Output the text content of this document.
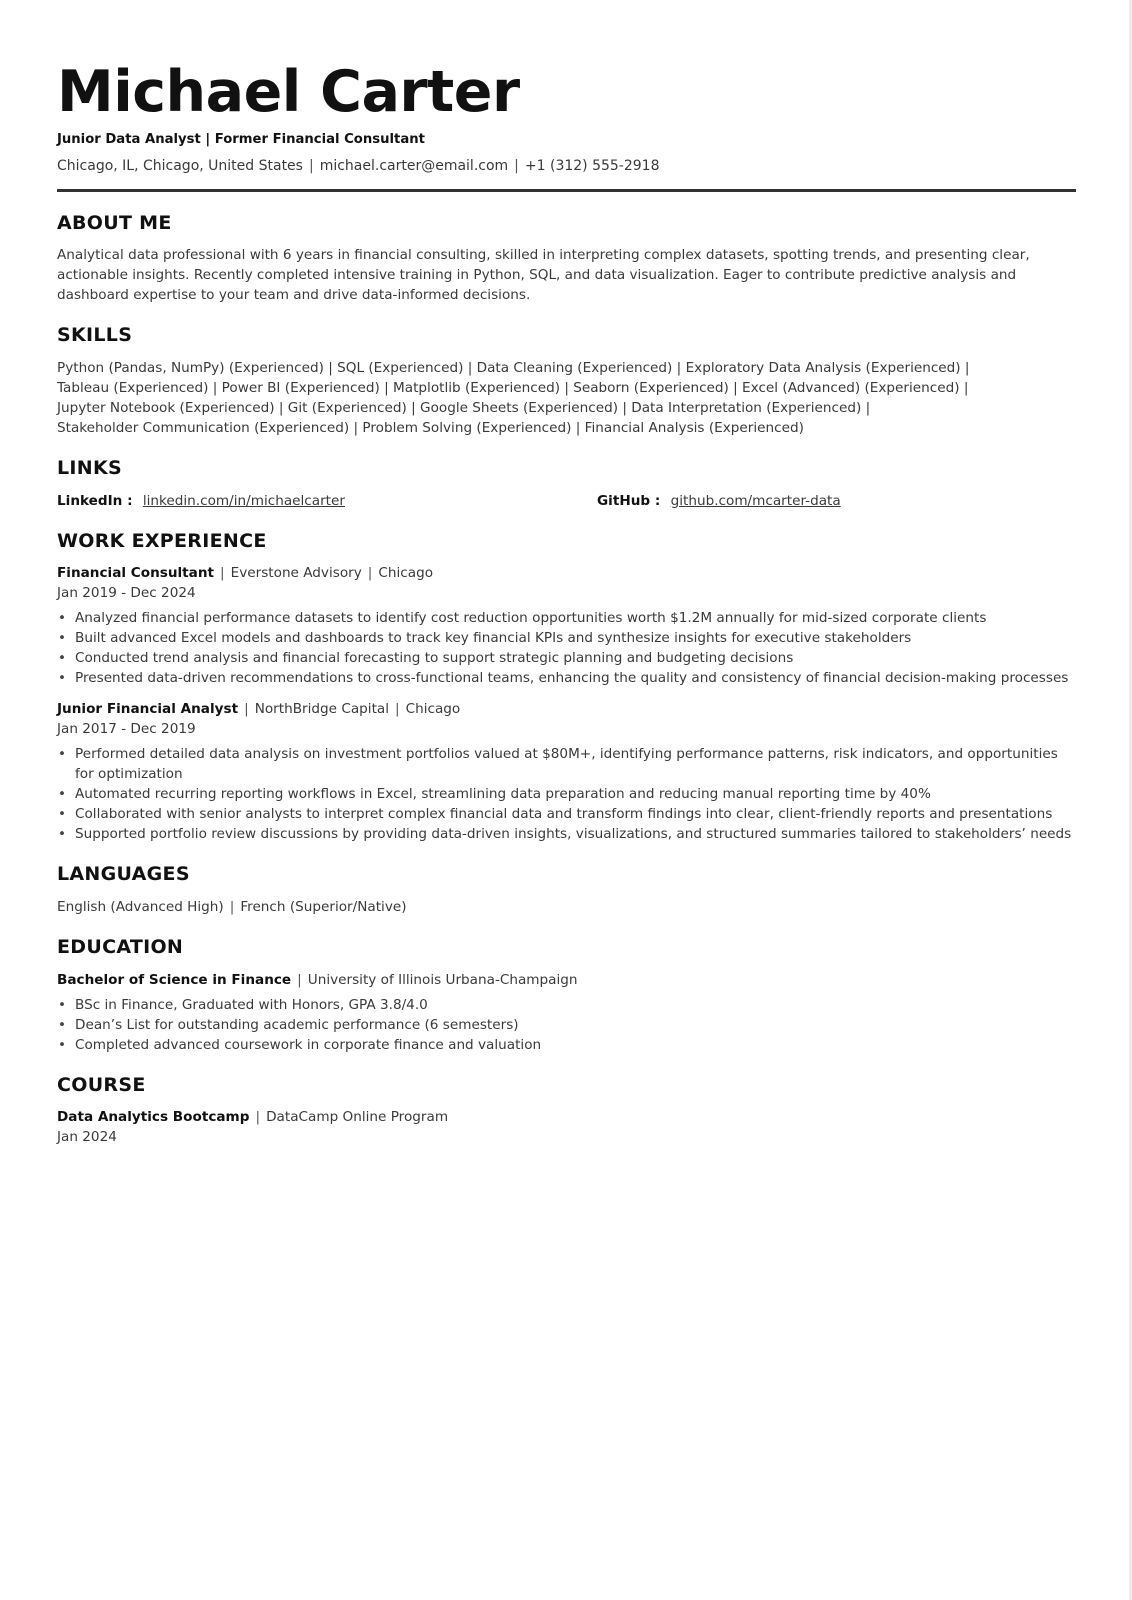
Michael Carter
Junior Data Analyst | Former Financial Consultant
Chicago, IL, Chicago, United States | michael.carter@email.com | +1 (312) 555-2918
ABOUT ME
Analytical data professional with 6 years in financial consulting, skilled in interpreting complex datasets, spotting trends, and presenting clear, actionable insights. Recently completed intensive training in Python, SQL, and data visualization. Eager to contribute predictive analysis and dashboard expertise to your team and drive data-informed decisions.
SKILLS
Python (Pandas, NumPy) (Experienced) | SQL (Experienced) | Data Cleaning (Experienced) | Exploratory Data Analysis (Experienced) |
Tableau (Experienced) | Power BI (Experienced) | Matplotlib (Experienced) | Seaborn (Experienced) | Excel (Advanced) (Experienced) |
Jupyter Notebook (Experienced) | Git (Experienced) | Google Sheets (Experienced) | Data Interpretation (Experienced) |
Stakeholder Communication (Experienced) | Problem Solving (Experienced) | Financial Analysis (Experienced)
LINKS
LinkedIn : linkedin.com/in/michaelcarter	GitHub : github.com/mcarter-data
WORK EXPERIENCE
Financial Consultant | Everstone Advisory | Chicago
Jan 2019 - Dec 2024
• Analyzed financial performance datasets to identify cost reduction opportunities worth $1.2M annually for mid-sized corporate clients
• Built advanced Excel models and dashboards to track key financial KPIs and synthesize insights for executive stakeholders
• Conducted trend analysis and financial forecasting to support strategic planning and budgeting decisions
• Presented data-driven recommendations to cross-functional teams, enhancing the quality and consistency of financial decision-making processes
Junior Financial Analyst | NorthBridge Capital | Chicago
Jan 2017 - Dec 2019
• Performed detailed data analysis on investment portfolios valued at $80M+, identifying performance patterns, risk indicators, and opportunities for optimization
• Automated recurring reporting workflows in Excel, streamlining data preparation and reducing manual reporting time by 40%
• Collaborated with senior analysts to interpret complex financial data and transform findings into clear, client-friendly reports and presentations
• Supported portfolio review discussions by providing data-driven insights, visualizations, and structured summaries tailored to stakeholders’ needs
LANGUAGES
English (Advanced High) | French (Superior/Native)
EDUCATION
Bachelor of Science in Finance | University of Illinois Urbana-Champaign
• BSc in Finance, Graduated with Honors, GPA 3.8/4.0
• Dean’s List for outstanding academic performance (6 semesters)
• Completed advanced coursework in corporate finance and valuation
COURSE
Data Analytics Bootcamp | DataCamp Online Program
Jan 2024
